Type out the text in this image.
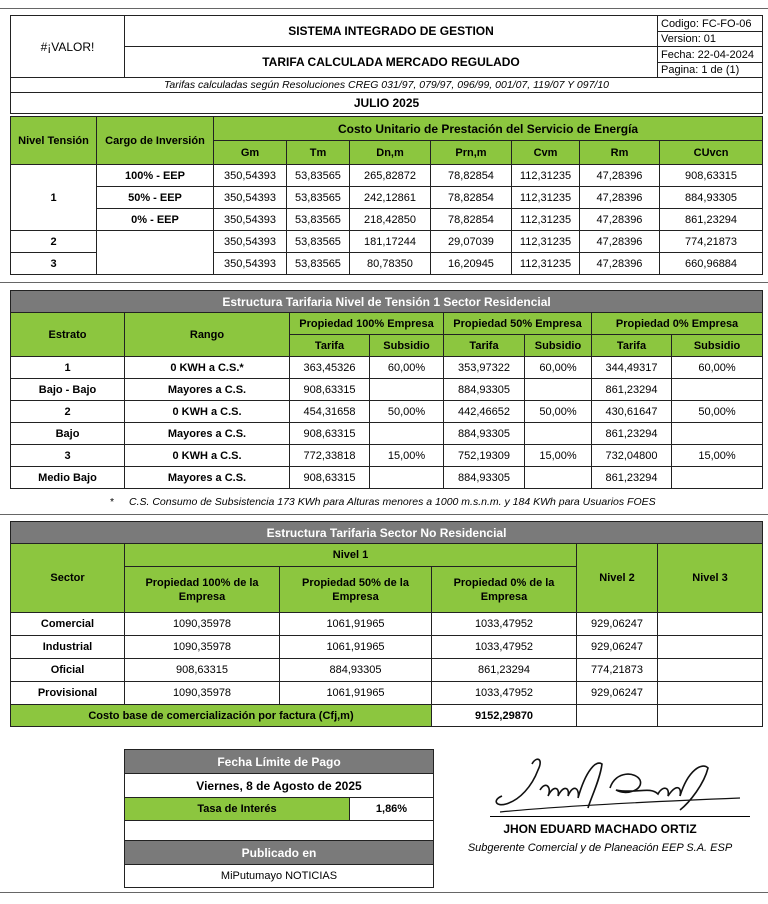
#¡VALOR!	SISTEMA INTEGRADO DE GESTION	Codigo: FC-FO-06
		Version: 01
	TARIFA CALCULADA MERCADO REGULADO	Fecha: 22-04-2024
		Pagina: 1 de (1)
Tarifas calculadas según Resoluciones CREG 031/97, 079/97, 096/99, 001/07, 119/07 Y 097/10		
JULIO 2025		
Nivel Tensión	Cargo de Inversión	Costo Unitario de Prestación del Servicio de Energía						
		Gm	Tm	Dn,m	Prn,m	Cvm	Rm	CUvcn
1	100% - EEP	350,54393	53,83565	265,82872	78,82854	112,31235	47,28396	908,63315
	50% - EEP	350,54393	53,83565	242,12861	78,82854	112,31235	47,28396	884,93305
	0% - EEP	350,54393	53,83565	218,42850	78,82854	112,31235	47,28396	861,23294
2		350,54393	53,83565	181,17244	29,07039	112,31235	47,28396	774,21873
3		350,54393	53,83565	80,78350	16,20945	112,31235	47,28396	660,96884
Estructura Tarifaria Nivel de Tensión 1 Sector Residencial							
Estrato	Rango	Propiedad 100% Empresa		Propiedad 50% Empresa		Propiedad 0% Empresa	
		Tarifa	Subsidio	Tarifa	Subsidio	Tarifa	Subsidio
1	0 KWH a C.S.*	363,45326	60,00%	353,97322	60,00%	344,49317	60,00%
Bajo - Bajo	Mayores a C.S.	908,63315		884,93305		861,23294	
2	0 KWH a C.S.	454,31658	50,00%	442,46652	50,00%	430,61647	50,00%
Bajo	Mayores a C.S.	908,63315		884,93305		861,23294	
3	0 KWH a C.S.	772,33818	15,00%	752,19309	15,00%	732,04800	15,00%
Medio Bajo	Mayores a C.S.	908,63315		884,93305		861,23294	
* C.S. Consumo de Subsistencia 173 KWh para Alturas menores a 1000 m.s.n.m. y 184 KWh para Usuarios FOES
Estructura Tarifaria Sector No Residencial					
Sector	Nivel 1			Nivel 2	Nivel 3
	Propiedad 100% de la Empresa	Propiedad 50% de la Empresa	Propiedad 0% de la Empresa		
Comercial	1090,35978	1061,91965	1033,47952	929,06247	
Industrial	1090,35978	1061,91965	1033,47952	929,06247	
Oficial	908,63315	884,93305	861,23294	774,21873	
Provisional	1090,35978	1061,91965	1033,47952	929,06247	
Costo base de comercialización por factura (Cfj,m)			9152,29870		
Fecha Límite de Pago
Viernes, 8 de Agosto de 2025
Tasa de Interés	1,86%

Publicado en
MiPutumayo NOTICIAS
JHON EDUARD MACHADO ORTIZ
Subgerente Comercial y de Planeación EEP S.A. ESP
